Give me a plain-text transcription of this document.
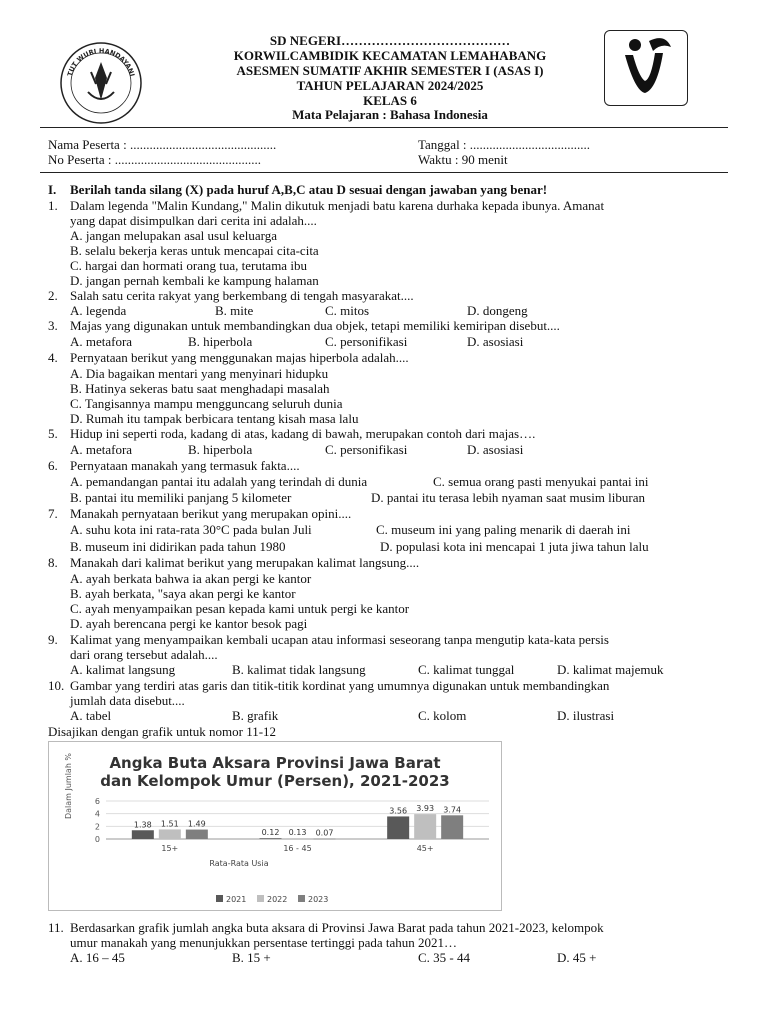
TUT WURI HANDAYANI
SD NEGERI…………………………………
KORWILCAMBIDIK KECAMATAN LEMAHABANG
ASESMEN SUMATIF AKHIR SEMESTER I (ASAS I)
TAHUN PELAJARAN 2024/2025
KELAS 6
Mata Pelajaran : Bahasa Indonesia
Nama Peserta : .............................................
No Peserta : .............................................
Tanggal : .....................................
Waktu : 90 menit
I. Berilah tanda silang (X) pada huruf A,B,C atau D sesuai dengan jawaban yang benar!
1. Dalam legenda "Malin Kundang," Malin dikutuk menjadi batu karena durhaka kepada ibunya. Amanat
yang dapat disimpulkan dari cerita ini adalah....
A. jangan melupakan asal usul keluarga
B. selalu bekerja keras untuk mencapai cita-cita
C. hargai dan hormati orang tua, terutama ibu
D. jangan pernah kembali ke kampung halaman
2. Salah satu cerita rakyat yang berkembang di tengah masyarakat....
A. legenda	B. mite	C. mitos	D. dongeng
3. Majas yang digunakan untuk membandingkan dua objek, tetapi memiliki kemiripan disebut....
A. metafora	B. hiperbola	C. personifikasi	D. asosiasi
4. Pernyataan berikut yang menggunakan majas hiperbola adalah....
A. Dia bagaikan mentari yang menyinari hidupku
B. Hatinya sekeras batu saat menghadapi masalah
C. Tangisannya mampu mengguncang seluruh dunia
D. Rumah itu tampak berbicara tentang kisah masa lalu
5. Hidup ini seperti roda, kadang di atas, kadang di bawah, merupakan contoh dari majas….
A. metafora	B. hiperbola	C. personifikasi	D. asosiasi
6. Pernyataan manakah yang termasuk fakta....
A. pemandangan pantai itu adalah yang terindah di dunia	C. semua orang pasti menyukai pantai ini
B. pantai itu memiliki panjang 5 kilometer	D. pantai itu terasa lebih nyaman saat musim liburan
7. Manakah pernyataan berikut yang merupakan opini....
A. suhu kota ini rata-rata 30°C pada bulan Juli	C. museum ini yang paling menarik di daerah ini
B. museum ini didirikan pada tahun 1980	D. populasi kota ini mencapai 1 juta jiwa tahun lalu
8. Manakah dari kalimat berikut yang merupakan kalimat langsung....
A. ayah berkata bahwa ia akan pergi ke kantor
B. ayah berkata, "saya akan pergi ke kantor
C. ayah menyampaikan pesan kepada kami untuk pergi ke kantor
D. ayah berencana pergi ke kantor besok pagi
9. Kalimat yang menyampaikan kembali ucapan atau informasi seseorang tanpa mengutip kata-kata persis
dari orang tersebut adalah....
A. kalimat langsung	B. kalimat tidak langsung	C. kalimat tunggal	D. kalimat majemuk
10. Gambar yang terdiri atas garis dan titik-titik kordinat yang umumnya digunakan untuk membandingkan
jumlah data disebut....
A. tabel	B. grafik	C. kolom	D. ilustrasi
Disajikan dengan grafik untuk nomor 11-12
Angka Buta Aksara Provinsi Jawa Barat
dan Kelompok Umur (Persen), 2021-2023
Dalam Jumlah %
0
2
4
6
1.38 1.51 1.49
15+
0.12 0.13 0.07
16 - 45
3.56 3.93 3.74
45+
Rata-Rata Usia
2021	2022	2023
11. Berdasarkan grafik jumlah angka buta aksara di Provinsi Jawa Barat pada tahun 2021-2023, kelompok
umur manakah yang menunjukkan persentase tertinggi pada tahun 2021…
A. 16 – 45	B. 15 +	C. 35 - 44	D. 45 +
